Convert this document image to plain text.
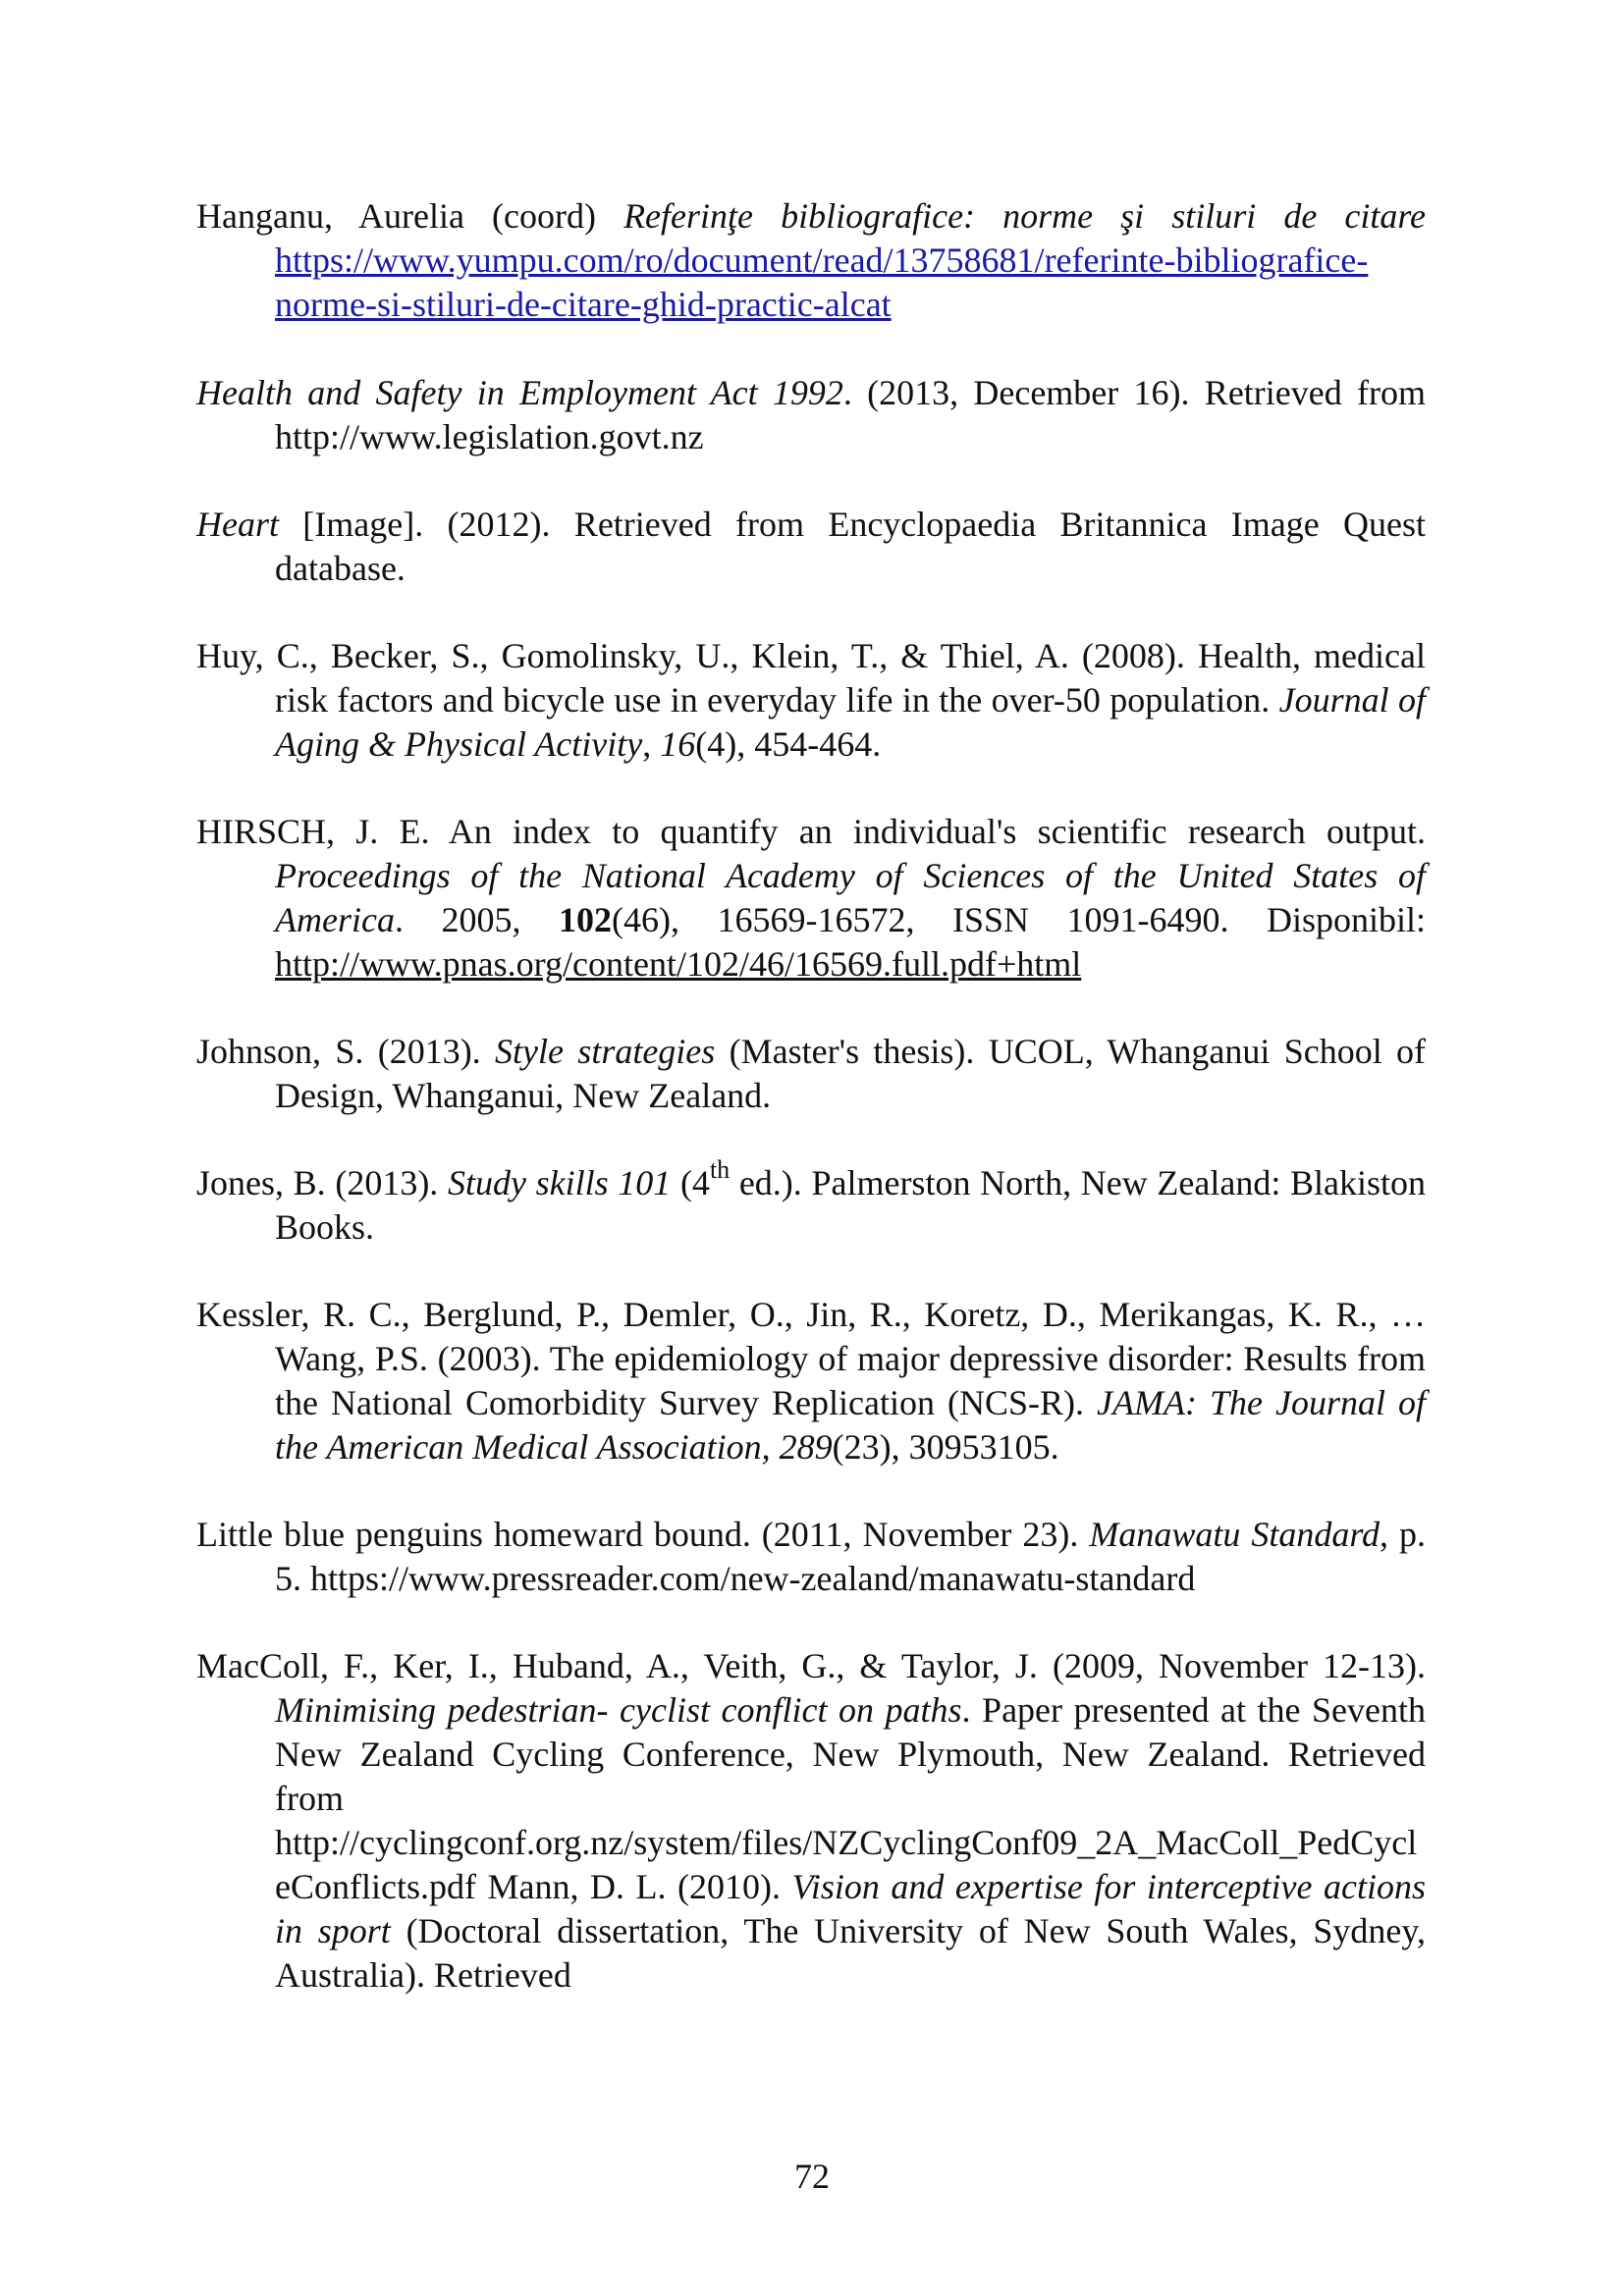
Hanganu, Aurelia (coord) Referinţe bibliografice: norme şi stiluri de citare https://www.yumpu.com/ro/document/read/13758681/referinte-bibliografice-norme-si-stiluri-de-citare-ghid-practic-alcat

Health and Safety in Employment Act 1992. (2013, December 16). Retrieved from http://www.legislation.govt.nz

Heart [Image]. (2012). Retrieved from Encyclopaedia Britannica Image Quest database.

Huy, C., Becker, S., Gomolinsky, U., Klein, T., & Thiel, A. (2008). Health, medical risk factors and bicycle use in everyday life in the over-50 population. Journal of Aging & Physical Activity, 16(4), 454-464.

HIRSCH, J. E. An index to quantify an individual's scientific research output. Proceedings of the National Academy of Sciences of the United States of America. 2005, 102(46), 16569-16572, ISSN 1091-6490. Disponibil: http://www.pnas.org/content/102/46/16569.full.pdf+html

Johnson, S. (2013). Style strategies (Master's thesis). UCOL, Whanganui School of Design, Whanganui, New Zealand.

Jones, B. (2013). Study skills 101 (4th ed.). Palmerston North, New Zealand: Blakiston Books.

Kessler, R. C., Berglund, P., Demler, O., Jin, R., Koretz, D., Merikangas, K. R., … Wang, P.S. (2003). The epidemiology of major depressive disorder: Results from the National Comorbidity Survey Replication (NCS-R). JAMA: The Journal of the American Medical Association, 289(23), 30953105.

Little blue penguins homeward bound. (2011, November 23). Manawatu Standard, p. 5. https://www.pressreader.com/new-zealand/manawatu-standard

MacColl, F., Ker, I., Huband, A., Veith, G., & Taylor, J. (2009, November 12-13). Minimising pedestrian- cyclist conflict on paths. Paper presented at the Seventh New Zealand Cycling Conference, New Plymouth, New Zealand. Retrieved from http://cyclingconf.org.nz/system/files/NZCyclingConf09_2A_MacColl_PedCycleConflicts.pdf Mann, D. L. (2010). Vision and expertise for interceptive actions in sport (Doctoral dissertation, The University of New South Wales, Sydney, Australia). Retrieved

72
